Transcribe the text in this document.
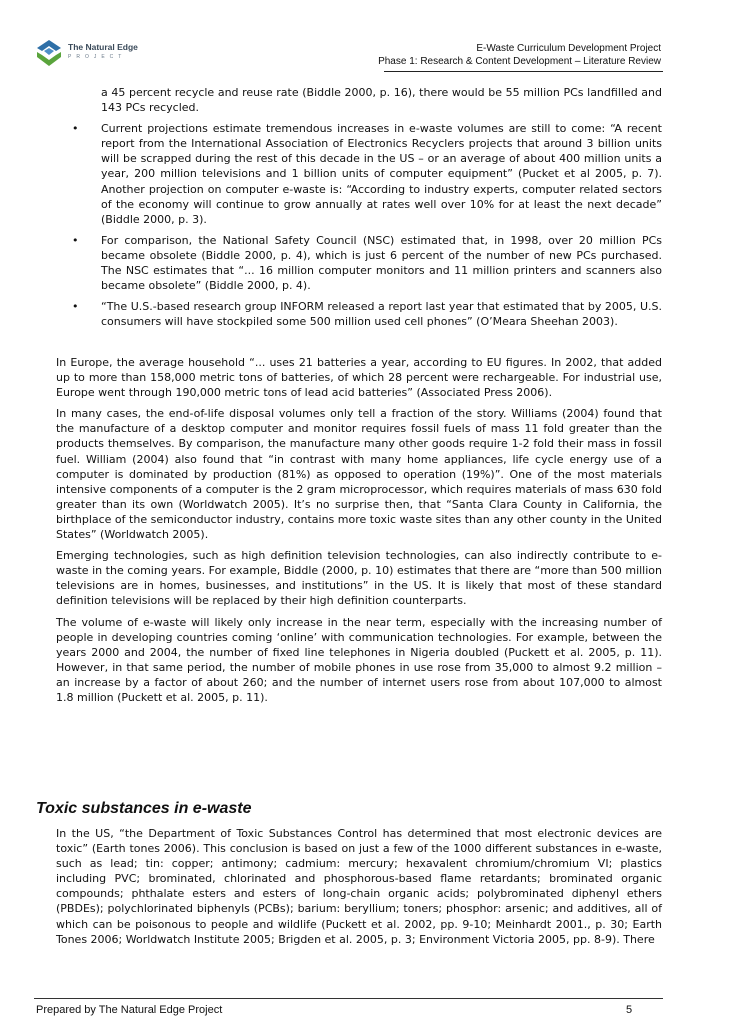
The Natural Edge
PROJECT
E-Waste Curriculum Development Project
Phase 1: Research & Content Development – Literature Review
a 45 percent recycle and reuse rate (Biddle 2000, p. 16), there would be 55 million PCs landfilled and 143 PCs recycled.
• Current projections estimate tremendous increases in e-waste volumes are still to come: “A recent report from the International Association of Electronics Recyclers projects that around 3 billion units will be scrapped during the rest of this decade in the US – or an average of about 400 million units a year, 200 million televisions and 1 billion units of computer equipment” (Pucket et al 2005, p. 7). Another projection on computer e-waste is: “According to industry experts, computer related sectors of the economy will continue to grow annually at rates well over 10% for at least the next decade” (Biddle 2000, p. 3).
• For comparison, the National Safety Council (NSC) estimated that, in 1998, over 20 million PCs became obsolete (Biddle 2000, p. 4), which is just 6 percent of the number of new PCs purchased. The NSC estimates that “... 16 million computer monitors and 11 million printers and scanners also became obsolete” (Biddle 2000, p. 4).
• “The U.S.-based research group INFORM released a report last year that estimated that by 2005, U.S. consumers will have stockpiled some 500 million used cell phones” (O’Meara Sheehan 2003).

In Europe, the average household “... uses 21 batteries a year, according to EU figures. In 2002, that added up to more than 158,000 metric tons of batteries, of which 28 percent were rechargeable. For industrial use, Europe went through 190,000 metric tons of lead acid batteries” (Associated Press 2006).

In many cases, the end-of-life disposal volumes only tell a fraction of the story. Williams (2004) found that the manufacture of a desktop computer and monitor requires fossil fuels of mass 11 fold greater than the products themselves. By comparison, the manufacture many other goods require 1-2 fold their mass in fossil fuel. William (2004) also found that “in contrast with many home appliances, life cycle energy use of a computer is dominated by production (81%) as opposed to operation (19%)”. One of the most materials intensive components of a computer is the 2 gram microprocessor, which requires materials of mass 630 fold greater than its own (Worldwatch 2005). It’s no surprise then, that “Santa Clara County in California, the birthplace of the semiconductor industry, contains more toxic waste sites than any other county in the United States” (Worldwatch 2005).

Emerging technologies, such as high definition television technologies, can also indirectly contribute to e-waste in the coming years. For example, Biddle (2000, p. 10) estimates that there are “more than 500 million televisions are in homes, businesses, and institutions” in the US. It is likely that most of these standard definition televisions will be replaced by their high definition counterparts.

The volume of e-waste will likely only increase in the near term, especially with the increasing number of people in developing countries coming ‘online’ with communication technologies. For example, between the years 2000 and 2004, the number of fixed line telephones in Nigeria doubled (Puckett et al. 2005, p. 11). However, in that same period, the number of mobile phones in use rose from 35,000 to almost 9.2 million – an increase by a factor of about 260; and the number of internet users rose from about 107,000 to almost 1.8 million (Puckett et al. 2005, p. 11).

Toxic substances in e-waste

In the US, “the Department of Toxic Substances Control has determined that most electronic devices are toxic” (Earth tones 2006). This conclusion is based on just a few of the 1000 different substances in e-waste, such as lead; tin: copper; antimony; cadmium: mercury; hexavalent chromium/chromium VI; plastics including PVC; brominated, chlorinated and phosphorous-based flame retardants; brominated organic compounds; phthalate esters and esters of long-chain organic acids; polybrominated diphenyl ethers (PBDEs); polychlorinated biphenyls (PCBs); barium: beryllium; toners; phosphor: arsenic; and additives, all of which can be poisonous to people and wildlife (Puckett et al. 2002, pp. 9-10; Meinhardt 2001., p. 30; Earth Tones 2006; Worldwatch Institute 2005; Brigden et al. 2005, p. 3; Environment Victoria 2005, pp. 8-9). There

Prepared by The Natural Edge Project	5
